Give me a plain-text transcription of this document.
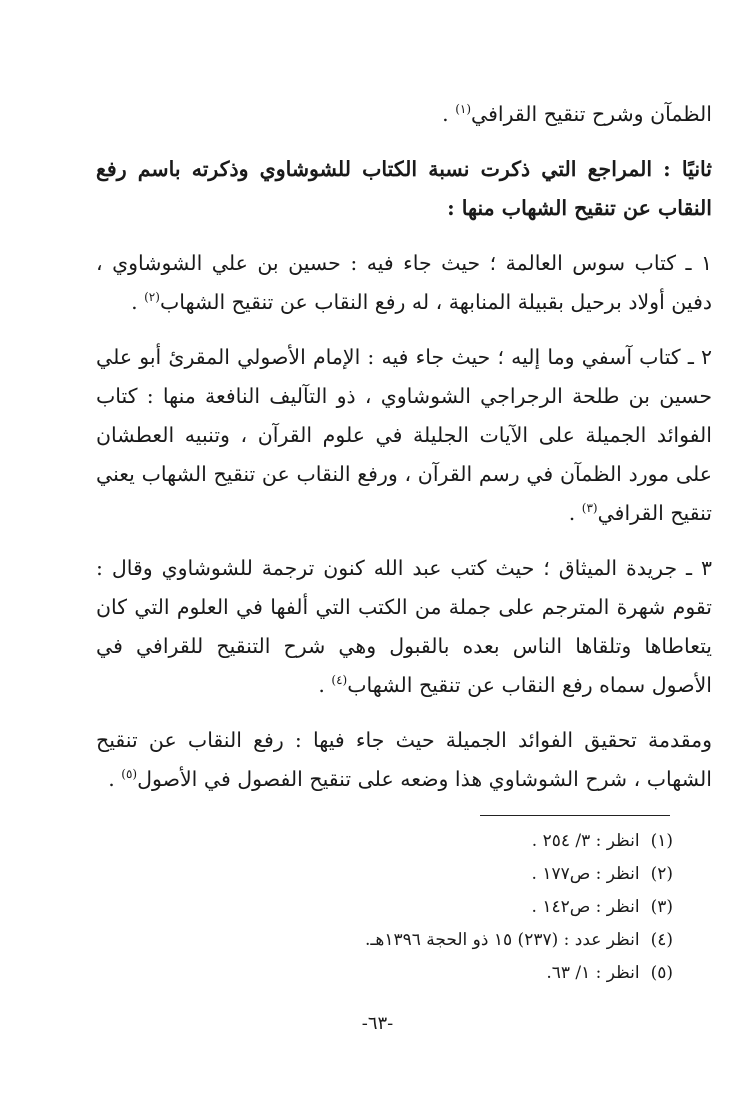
الظمآن وشرح تنقيح القرافي$^{(١)}$ .

ثانيًا : المراجع التي ذكرت نسبة الكتاب للشوشاوي وذكرته باسم رفع النقاب عن تنقيح الشهاب منها :

١ ـ كتاب سوس العالمة ؛ حيث جاء فيه : حسين بن علي الشوشاوي ، دفين أولاد برحيل بقبيلة المنابهة ، له رفع النقاب عن تنقيح الشهاب$^{(٢)}$ .

٢ ـ كتاب آسفي وما إليه ؛ حيث جاء فيه : الإمام الأصولي المقرئ أبو علي حسين بن طلحة الرجراجي الشوشاوي ، ذو التآليف النافعة منها : كتاب الفوائد الجميلة على الآيات الجليلة في علوم القرآن ، وتنبيه العطشان على مورد الظمآن في رسم القرآن ، ورفع النقاب عن تنقيح الشهاب يعني تنقيح القرافي$^{(٣)}$ .

٣ ـ جريدة الميثاق ؛ حيث كتب عبد الله كنون ترجمة للشوشاوي وقال : تقوم شهرة المترجم على جملة من الكتب التي ألفها في العلوم التي كان يتعاطاها وتلقاها الناس بعده بالقبول وهي شرح التنقيح للقرافي في الأصول سماه رفع النقاب عن تنقيح الشهاب$^{(٤)}$ .

ومقدمة تحقيق الفوائد الجميلة حيث جاء فيها : رفع النقاب عن تنقيح الشهاب ، شرح الشوشاوي هذا وضعه على تنقيح الفصول في الأصول$^{(٥)}$ .

(١) انظر : ٣/ ٢٥٤ .
(٢) انظر : ص١٧٧ .
(٣) انظر : ص١٤٢ .
(٤) انظر عدد : (٢٣٧) ١٥ ذو الحجة ١٣٩٦هـ.
(٥) انظر : ١/ ٦٣.
-٦٣-
